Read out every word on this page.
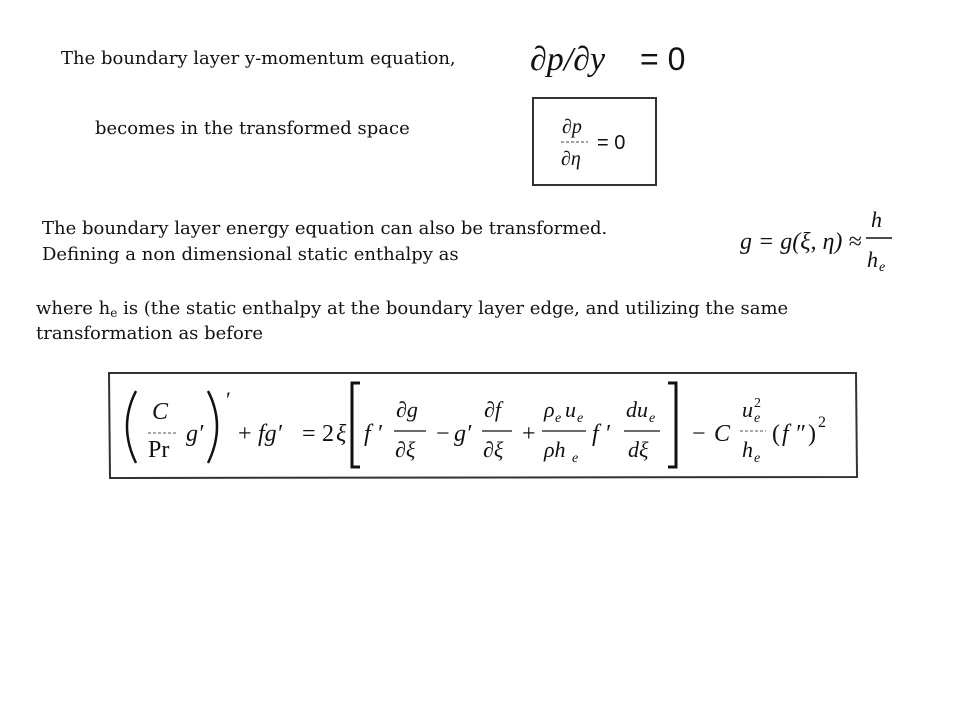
The boundary layer y-momentum equation,
becomes in the transformed space
The boundary layer energy equation can also be transformed.
Defining a non dimensional static enthalpy as
where he is (the static enthalpy at the boundary layer edge, and utilizing the same
transformation as before
∂p/∂y = 0
∂p
∂η
= 0
g = g(ξ, η) ≈
h
h e
C
Pr
g′
′
+ fg′ = 2 ξ f ′
∂g
∂ξ
− g′
∂f
∂ξ
+
ρ e u e
ρh e
f ′
du e
dξ
− C
u 2
e
h e
( f ″ ) 2
